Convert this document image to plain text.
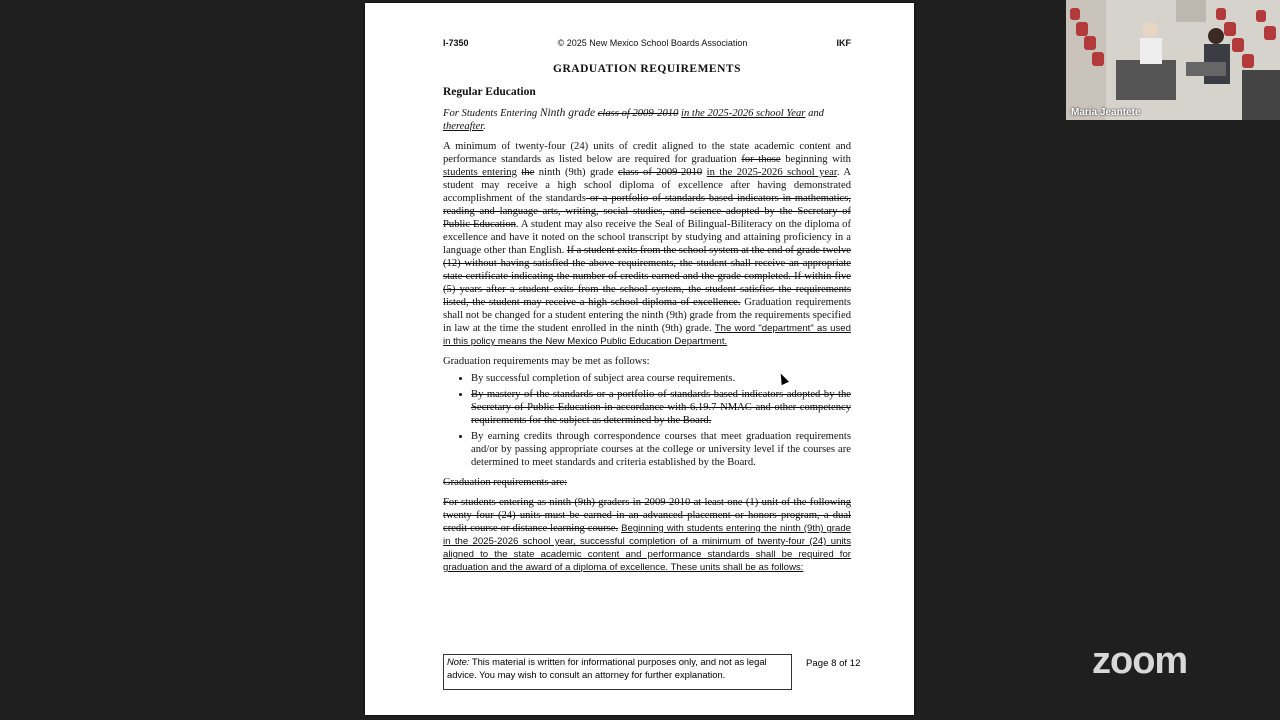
I-7350	© 2025 New Mexico School Boards Association	IKF
GRADUATION REQUIREMENTS
Regular Education
For Students Entering Ninth grade class of 2009-2010 in the 2025-2026 school Year and thereafter.

A minimum of twenty-four (24) units of credit aligned to the state academic content and performance standards as listed below are required for graduation for those beginning with students entering the ninth (9th) grade class of 2009-2010 in the 2025-2026 school year. A student may receive a high school diploma of excellence after having demonstrated accomplishment of the standards or a portfolio of standards based indicators in mathematics, reading and language arts, writing, social studies, and science adopted by the Secretary of Public Education. A student may also receive the Seal of Bilingual-Biliteracy on the diploma of excellence and have it noted on the school transcript by studying and attaining proficiency in a language other than English. If a student exits from the school system at the end of grade twelve (12) without having satisfied the above requirements, the student shall receive an appropriate state certificate indicating the number of credits earned and the grade completed. If within five (5) years after a student exits from the school system, the student satisfies the requirements listed, the student may receive a high school diploma of excellence. Graduation requirements shall not be changed for a student entering the ninth (9th) grade from the requirements specified in law at the time the student enrolled in the ninth (9th) grade. The word "department" as used in this policy means the New Mexico Public Education Department.

Graduation requirements may be met as follows:

• By successful completion of subject area course requirements.
• By mastery of the standards or a portfolio of standards based indicators adopted by the Secretary of Public Education in accordance with 6.19.7 NMAC and other competency requirements for the subject as determined by the Board.
• By earning credits through correspondence courses that meet graduation requirements and/or by passing appropriate courses at the college or university level if the courses are determined to meet standards and criteria established by the Board.

Graduation requirements are:

For students entering as ninth (9th) graders in 2009-2010 at least one (1) unit of the following twenty four (24) units must be earned in an advanced placement or honors program, a dual credit course or distance learning course. Beginning with students entering the ninth (9th) grade in the 2025-2026 school year, successful completion of a minimum of twenty-four (24) units aligned to the state academic content and performance standards shall be required for graduation and the award of a diploma of excellence. These units shall be as follows:

Note: This material is written for informational purposes only, and not as legal advice. You may wish to consult an attorney for further explanation.
Page 8 of 12
Maria Jeantete
zoom
